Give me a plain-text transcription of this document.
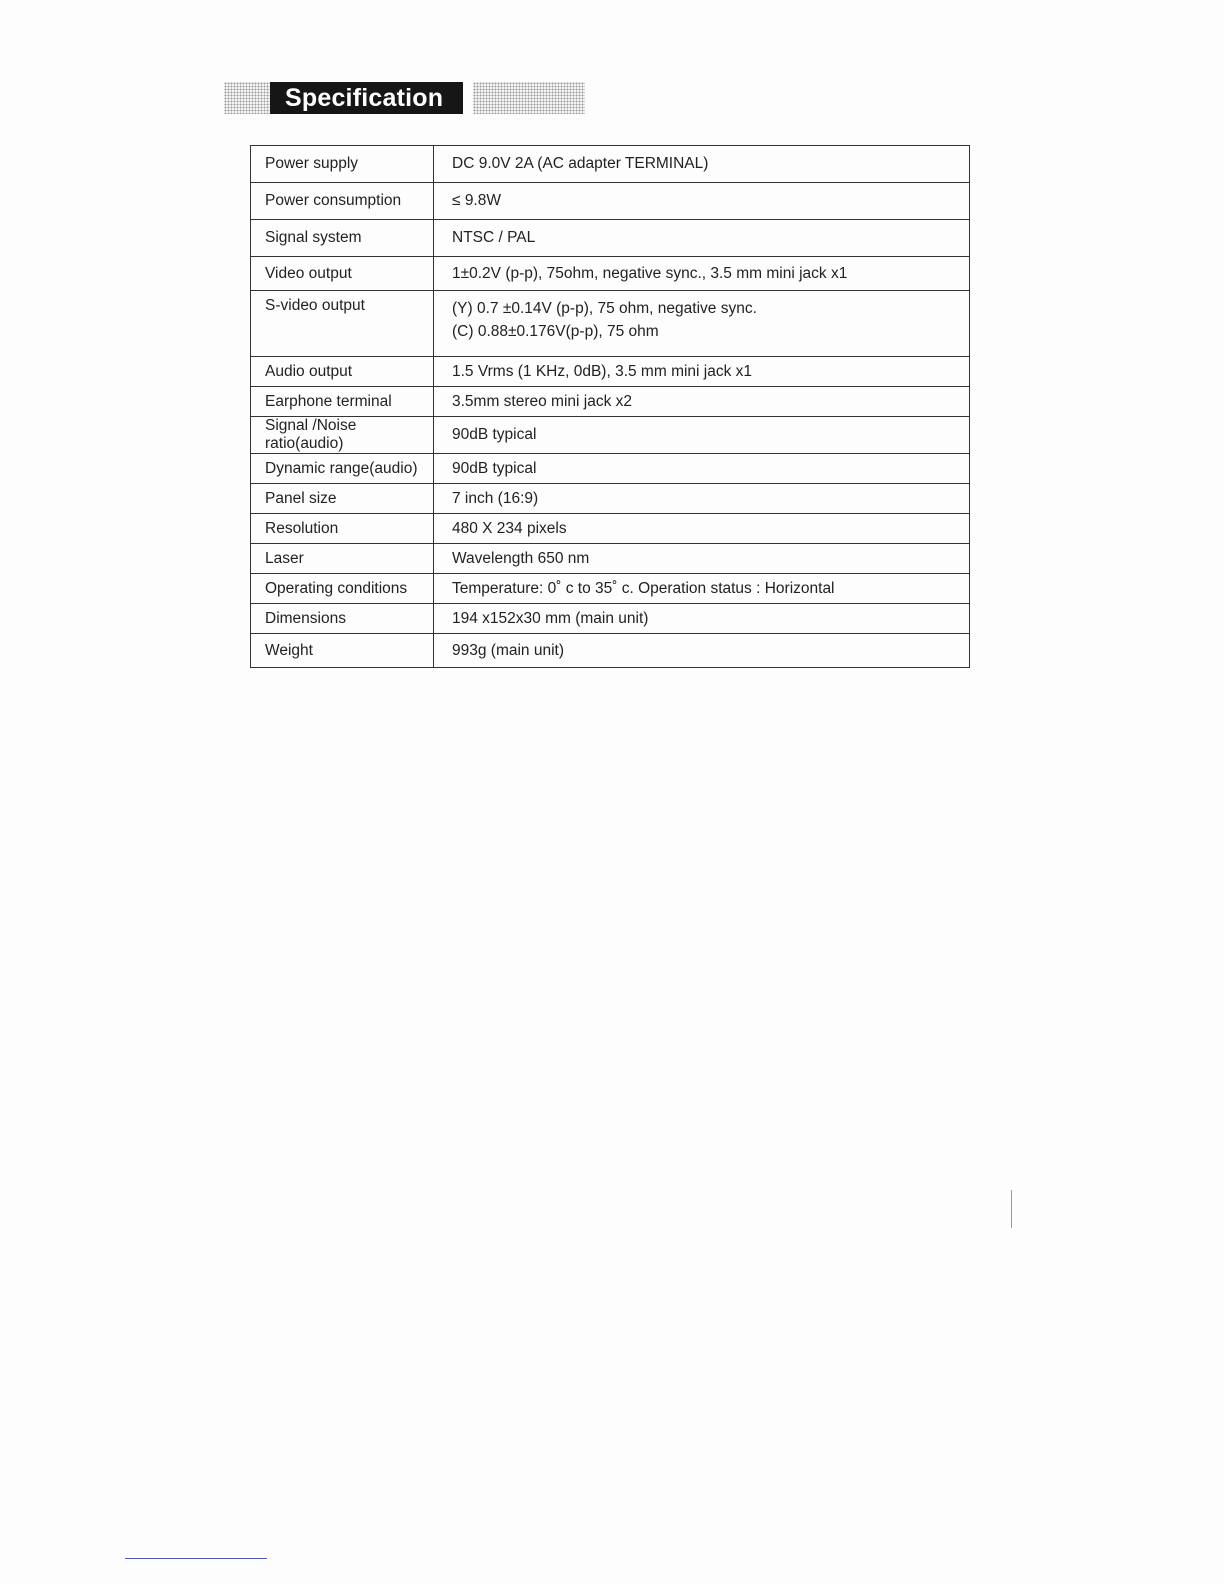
Specification
Power supply	DC 9.0V 2A (AC adapter TERMINAL)
Power consumption	≤ 9.8W
Signal system	NTSC / PAL
Video output	1±0.2V (p-p), 75ohm, negative sync., 3.5 mm mini jack x1
S-video output	(Y) 0.7 ±0.14V (p-p), 75 ohm, negative sync.
(C) 0.88±0.176V(p-p), 75 ohm

Audio output	1.5 Vrms (1 KHz, 0dB), 3.5 mm mini jack x1
Earphone terminal	3.5mm stereo mini jack x2
Signal /Noise ratio(audio)	90dB typical
Dynamic range(audio)	90dB typical
Panel size	7 inch (16:9)
Resolution	480 X 234 pixels
Laser	Wavelength 650 nm
Operating conditions	Temperature: 0˚ c to 35˚ c. Operation status : Horizontal
Dimensions	194 x152x30 mm (main unit)
Weight	993g (main unit)
